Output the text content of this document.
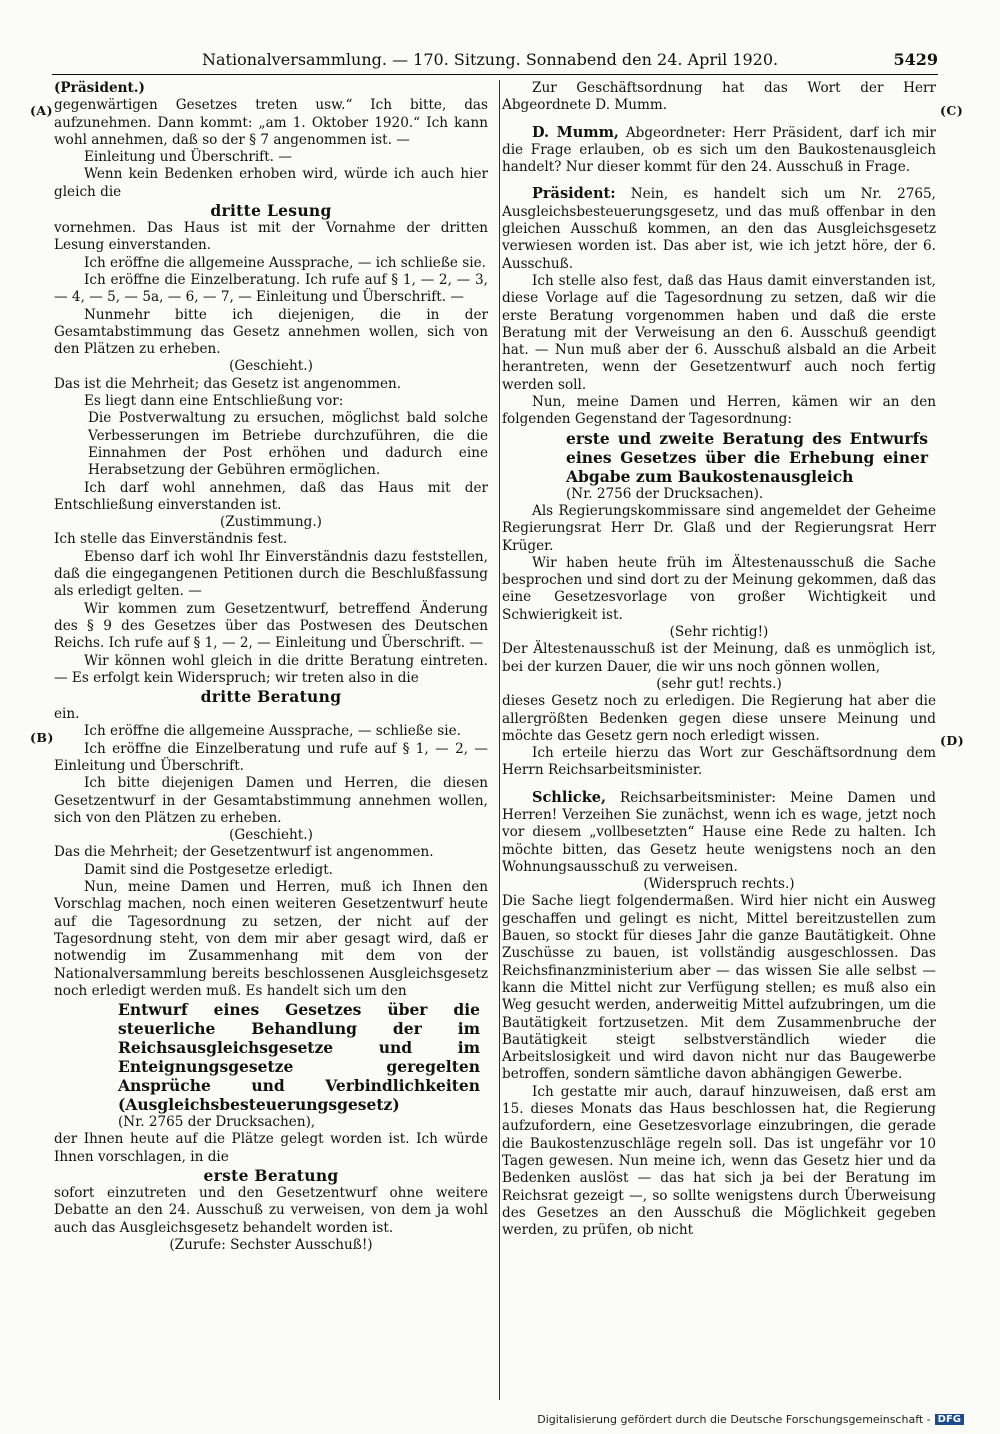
Nationalversammlung. — 170. Sitzung. Sonnabend den 24. April 1920.	5429
(A)
(B)
(C)
(D)

(Präsident.)

gegenwärtigen Gesetzes treten usw.“ Ich bitte, das aufzunehmen. Dann kommt: „am 1. Oktober 1920.“ Ich kann wohl annehmen, daß so der § 7 angenommen ist. —

Einleitung und Überschrift. —

Wenn kein Bedenken erhoben wird, würde ich auch hier gleich die

dritte Lesung

vornehmen. Das Haus ist mit der Vornahme der dritten Lesung einverstanden.

Ich eröffne die allgemeine Aussprache, — ich schließe sie.

Ich eröffne die Einzelberatung. Ich rufe auf § 1, — 2, — 3, — 4, — 5, — 5a, — 6, — 7, — Einleitung und Überschrift. —

Nunmehr bitte ich diejenigen, die in der Gesamtabstimmung das Gesetz annehmen wollen, sich von den Plätzen zu erheben.

(Geschieht.)

Das ist die Mehrheit; das Gesetz ist angenommen.

Es liegt dann eine Entschließung vor:

Die Postverwaltung zu ersuchen, möglichst bald solche Verbesserungen im Betriebe durchzuführen, die die Einnahmen der Post erhöhen und dadurch eine Herabsetzung der Gebühren ermöglichen.

Ich darf wohl annehmen, daß das Haus mit der Entschließung einverstanden ist.

(Zustimmung.)

Ich stelle das Einverständnis fest.

Ebenso darf ich wohl Ihr Einverständnis dazu feststellen, daß die eingegangenen Petitionen durch die Beschlußfassung als erledigt gelten. —

Wir kommen zum Gesetzentwurf, betreffend Änderung des § 9 des Gesetzes über das Postwesen des Deutschen Reichs. Ich rufe auf § 1, — 2, — Einleitung und Überschrift. —

Wir können wohl gleich in die dritte Beratung eintreten. — Es erfolgt kein Widerspruch; wir treten also in die

dritte Beratung

ein.

Ich eröffne die allgemeine Aussprache, — schließe sie.

Ich eröffne die Einzelberatung und rufe auf § 1, — 2, — Einleitung und Überschrift.

Ich bitte diejenigen Damen und Herren, die diesen Gesetzentwurf in der Gesamtabstimmung annehmen wollen, sich von den Plätzen zu erheben.

(Geschieht.)

Das die Mehrheit; der Gesetzentwurf ist angenommen.

Damit sind die Postgesetze erledigt.

Nun, meine Damen und Herren, muß ich Ihnen den Vorschlag machen, noch einen weiteren Gesetzentwurf heute auf die Tagesordnung zu setzen, der nicht auf der Tagesordnung steht, von dem mir aber gesagt wird, daß er notwendig im Zusammenhang mit dem von der Nationalversammlung bereits beschlossenen Ausgleichsgesetz noch erledigt werden muß. Es handelt sich um den

Entwurf eines Gesetzes über die steuerliche Behandlung der im Reichsausgleichsgesetze und im Enteignungsgesetze geregelten Ansprüche und Verbindlichkeiten (Ausgleichsbesteuerungsgesetz)

(Nr. 2765 der Drucksachen),

der Ihnen heute auf die Plätze gelegt worden ist. Ich würde Ihnen vorschlagen, in die

erste Beratung

sofort einzutreten und den Gesetzentwurf ohne weitere Debatte an den 24. Ausschuß zu verweisen, von dem ja wohl auch das Ausgleichsgesetz behandelt worden ist.

(Zurufe: Sechster Ausschuß!)

Zur Geschäftsordnung hat das Wort der Herr Abgeordnete D. Mumm.

D. Mumm, Abgeordneter: Herr Präsident, darf ich mir die Frage erlauben, ob es sich um den Baukostenausgleich handelt? Nur dieser kommt für den 24. Ausschuß in Frage.

Präsident: Nein, es handelt sich um Nr. 2765, Ausgleichsbesteuerungsgesetz, und das muß offenbar in den gleichen Ausschuß kommen, an den das Ausgleichsgesetz verwiesen worden ist. Das aber ist, wie ich jetzt höre, der 6. Ausschuß.

Ich stelle also fest, daß das Haus damit einverstanden ist, diese Vorlage auf die Tagesordnung zu setzen, daß wir die erste Beratung vorgenommen haben und daß die erste Beratung mit der Verweisung an den 6. Ausschuß geendigt hat. — Nun muß aber der 6. Ausschuß alsbald an die Arbeit herantreten, wenn der Gesetzentwurf auch noch fertig werden soll.

Nun, meine Damen und Herren, kämen wir an den folgenden Gegenstand der Tagesordnung:

erste und zweite Beratung des Entwurfs eines Gesetzes über die Erhebung einer Abgabe zum Baukostenausgleich

(Nr. 2756 der Drucksachen).

Als Regierungskommissare sind angemeldet der Geheime Regierungsrat Herr Dr. Glaß und der Regierungsrat Herr Krüger.

Wir haben heute früh im Ältestenausschuß die Sache besprochen und sind dort zu der Meinung gekommen, daß das eine Gesetzesvorlage von großer Wichtigkeit und Schwierigkeit ist.

(Sehr richtig!)

Der Ältestenausschuß ist der Meinung, daß es unmöglich ist, bei der kurzen Dauer, die wir uns noch gönnen wollen,

(sehr gut! rechts.)

dieses Gesetz noch zu erledigen. Die Regierung hat aber die allergrößten Bedenken gegen diese unsere Meinung und möchte das Gesetz gern noch erledigt wissen.

Ich erteile hierzu das Wort zur Geschäftsordnung dem Herrn Reichsarbeitsminister.

Schlicke, Reichsarbeitsminister: Meine Damen und Herren! Verzeihen Sie zunächst, wenn ich es wage, jetzt noch vor diesem „vollbesetzten“ Hause eine Rede zu halten. Ich möchte bitten, das Gesetz heute wenigstens noch an den Wohnungsausschuß zu verweisen.

(Widerspruch rechts.)

Die Sache liegt folgendermaßen. Wird hier nicht ein Ausweg geschaffen und gelingt es nicht, Mittel bereitzustellen zum Bauen, so stockt für dieses Jahr die ganze Bautätigkeit. Ohne Zuschüsse zu bauen, ist vollständig ausgeschlossen. Das Reichsfinanzministerium aber — das wissen Sie alle selbst — kann die Mittel nicht zur Verfügung stellen; es muß also ein Weg gesucht werden, anderweitig Mittel aufzubringen, um die Bautätigkeit fortzusetzen. Mit dem Zusammenbruche der Bautätigkeit steigt selbstverständlich wieder die Arbeitslosigkeit und wird davon nicht nur das Baugewerbe betroffen, sondern sämtliche davon abhängigen Gewerbe.

Ich gestatte mir auch, darauf hinzuweisen, daß erst am 15. dieses Monats das Haus beschlossen hat, die Regierung aufzufordern, eine Gesetzesvorlage einzubringen, die gerade die Baukostenzuschläge regeln soll. Das ist ungefähr vor 10 Tagen gewesen. Nun meine ich, wenn das Gesetz hier und da Bedenken auslöst — das hat sich ja bei der Beratung im Reichsrat gezeigt —, so sollte wenigstens durch Überweisung des Gesetzes an den Ausschuß die Möglichkeit gegeben werden, zu prüfen, ob nicht

Digitalisierung gefördert durch die Deutsche Forschungsgemeinschaft - DFG
